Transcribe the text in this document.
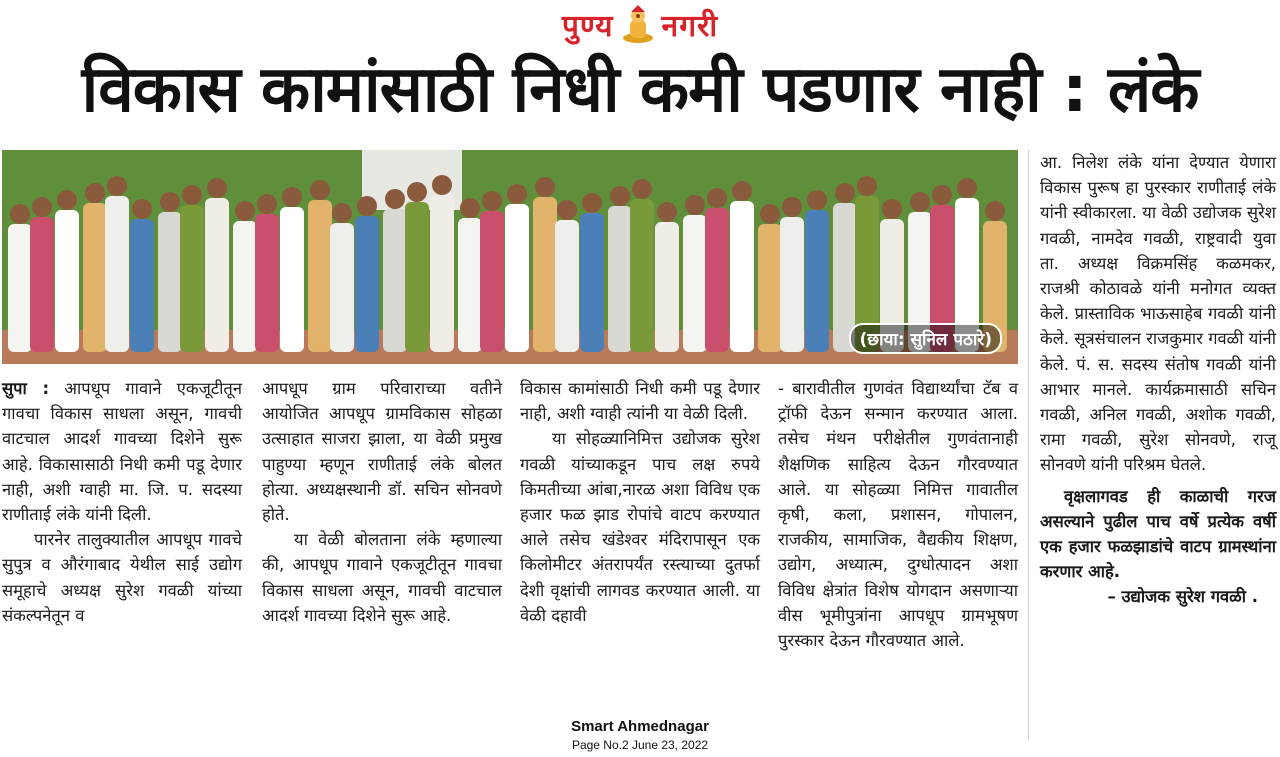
पुण्य नगरी
विकास कामांसाठी निधी कमी पडणार नाही : लंके
(छाया: सुनिल पठारे)

सुपा : आपधूप गावाने एकजूटीतून गावचा विकास साधला असून, गावची वाटचाल आदर्श गावच्या दिशेने सुरू आहे. विकासासाठी निधी कमी पडू देणार नाही, अशी ग्वाही मा. जि. प. सदस्या राणीताई लंके यांनी दिली.

पारनेर तालुक्यातील आपधूप गावचे सुपुत्र व औरंगाबाद येथील साई उद्योग समूहाचे अध्यक्ष सुरेश गवळी यांच्या संकल्पनेतून व

आपधूप ग्राम परिवाराच्या वतीने आयोजित आपधूप ग्रामविकास सोहळा उत्साहात साजरा झाला, या वेळी प्रमुख पाहुण्या म्हणून राणीताई लंके बोलत होत्या. अध्यक्षस्थानी डॉ. सचिन सोनवणे होते.

या वेळी बोलताना लंके म्हणाल्या की, आपधूप गावाने एकजूटीतून गावचा विकास साधला असून, गावची वाटचाल आदर्श गावच्या दिशेने सुरू आहे.

विकास कामांसाठी निधी कमी पडू देणार नाही, अशी ग्वाही त्यांनी या वेळी दिली.

या सोहळ्यानिमित्त उद्योजक सुरेश गवळी यांच्याकडून पाच लक्ष रुपये किमतीच्या आंबा,नारळ अशा विविध एक हजार फळ झाड रोपांचे वाटप करण्यात आले तसेच खंडेश्वर मंदिरापासून एक किलोमीटर अंतरापर्यंत रस्त्याच्या दुतर्फा देशी वृक्षांची लागवड करण्यात आली. या वेळी दहावी

- बारावीतील गुणवंत विद्यार्थ्यांचा टॅब व ट्रॉफी देऊन सन्मान करण्यात आला. तसेच मंथन परीक्षेतील गुणवंतानाही शैक्षणिक साहित्य देऊन गौरवण्यात आले. या सोहळ्या निमित्त गावातील कृषी, कला, प्रशासन, गोपालन, राजकीय, सामाजिक, वैद्यकीय शिक्षण, उद्योग, अध्यात्म, दुग्धोत्पादन अशा विविध क्षेत्रांत विशेष योगदान असणाऱ्या वीस भूमीपुत्रांना आपधूप ग्रामभूषण पुरस्कार देऊन गौरवण्यात आले.

आ. निलेश लंके यांना देण्यात येणारा विकास पुरूष हा पुरस्कार राणीताई लंके यांनी स्वीकारला. या वेळी उद्योजक सुरेश गवळी, नामदेव गवळी, राष्ट्रवादी युवा ता. अध्यक्ष विक्रमसिंह कळमकर, राजश्री कोठावळे यांनी मनोगत व्यक्त केले. प्रास्ताविक भाऊसाहेब गवळी यांनी केले. सूत्रसंचालन राजकुमार गवळी यांनी केले. पं. स. सदस्य संतोष गवळी यांनी आभार मानले. कार्यक्रमासाठी सचिन गवळी, अनिल गवळी, अशोक गवळी, रामा गवळी, सुरेश सोनवणे, राजू सोनवणे यांनी परिश्रम घेतले.

वृक्षलागवड ही काळाची गरज असल्याने पुढील पाच वर्षे प्रत्येक वर्षी एक हजार फळझाडांचे वाटप ग्रामस्थांना करणार आहे.

– उद्योजक सुरेश गवळी .

Smart Ahmednagar
Page No.2 June 23, 2022
